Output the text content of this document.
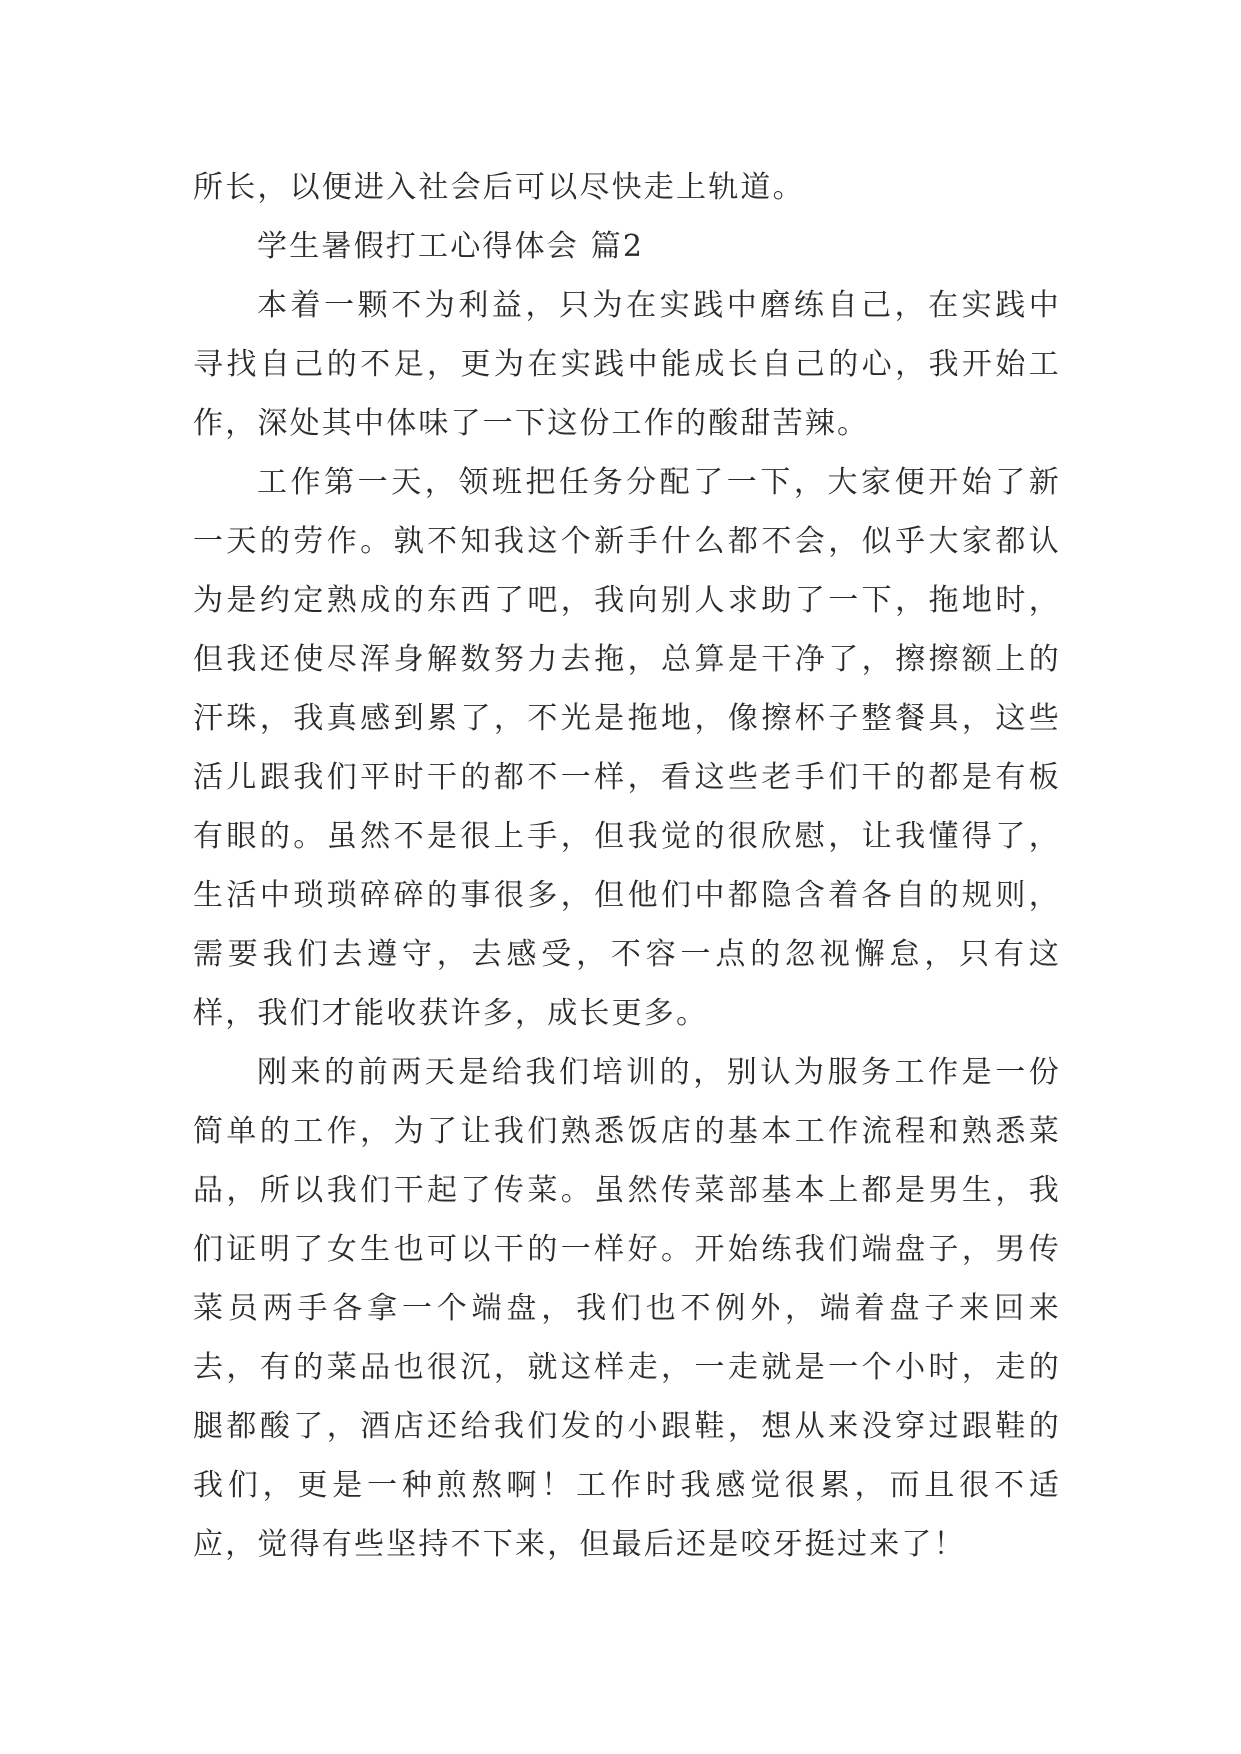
所长，以便进入社会后可以尽快走上轨道。

学生暑假打工心得体会 篇2

本着一颗不为利益，只为在实践中磨练自己，在实践中寻找自己的不足，更为在实践中能成长自己的心，我开始工作，深处其中体味了一下这份工作的酸甜苦辣。

工作第一天，领班把任务分配了一下，大家便开始了新一天的劳作。孰不知我这个新手什么都不会，似乎大家都认为是约定熟成的东西了吧，我向别人求助了一下，拖地时，但我还使尽浑身解数努力去拖，总算是干净了，擦擦额上的汗珠，我真感到累了，不光是拖地，像擦杯子整餐具，这些活儿跟我们平时干的都不一样，看这些老手们干的都是有板有眼的。虽然不是很上手，但我觉的很欣慰，让我懂得了，生活中琐琐碎碎的事很多，但他们中都隐含着各自的规则，需要我们去遵守，去感受，不容一点的忽视懈怠，只有这样，我们才能收获许多，成长更多。

刚来的前两天是给我们培训的，别认为服务工作是一份简单的工作，为了让我们熟悉饭店的基本工作流程和熟悉菜品，所以我们干起了传菜。虽然传菜部基本上都是男生，我们证明了女生也可以干的一样好。开始练我们端盘子，男传菜员两手各拿一个端盘，我们也不例外，端着盘子来回来去，有的菜品也很沉，就这样走，一走就是一个小时，走的腿都酸了，酒店还给我们发的小跟鞋，想从来没穿过跟鞋的我们，更是一种煎熬啊！工作时我感觉很累，而且很不适应，觉得有些坚持不下来，但最后还是咬牙挺过来了！
